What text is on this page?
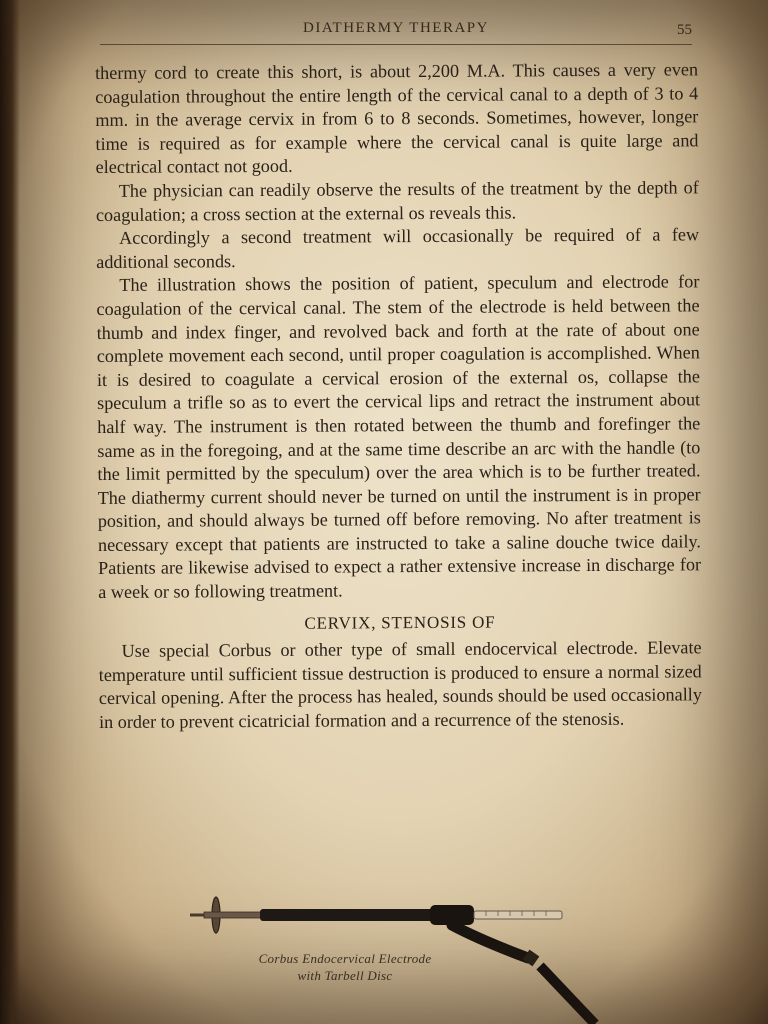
DIATHERMY THERAPY	55

thermy cord to create this short, is about 2,200 M.A. This causes a very even coagulation throughout the entire length of the cervical canal to a depth of 3 to 4 mm. in the average cervix in from 6 to 8 seconds. Sometimes, however, longer time is required as for example where the cervical canal is quite large and electrical contact not good.

The physician can readily observe the results of the treatment by the depth of coagulation; a cross section at the external os reveals this.

Accordingly a second treatment will occasionally be required of a few additional seconds.

The illustration shows the position of patient, speculum and electrode for coagulation of the cervical canal. The stem of the electrode is held between the thumb and index finger, and revolved back and forth at the rate of about one complete movement each second, until proper coagulation is accomplished. When it is desired to coagulate a cervical erosion of the external os, collapse the speculum a trifle so as to evert the cervical lips and retract the instrument about half way. The instrument is then rotated between the thumb and forefinger the same as in the foregoing, and at the same time describe an arc with the handle (to the limit permitted by the speculum) over the area which is to be further treated. The diathermy current should never be turned on until the instrument is in proper position, and should always be turned off before removing. No after treatment is necessary except that patients are instructed to take a saline douche twice daily. Patients are likewise advised to expect a rather extensive increase in discharge for a week or so following treatment.

CERVIX, STENOSIS OF

Use special Corbus or other type of small endocervical electrode. Elevate temperature until sufficient tissue destruction is produced to ensure a normal sized cervical opening. After the process has healed, sounds should be used occasionally in order to prevent cicatricial formation and a recurrence of the stenosis.

Corbus Endocervical Electrode
with Tarbell Disc
